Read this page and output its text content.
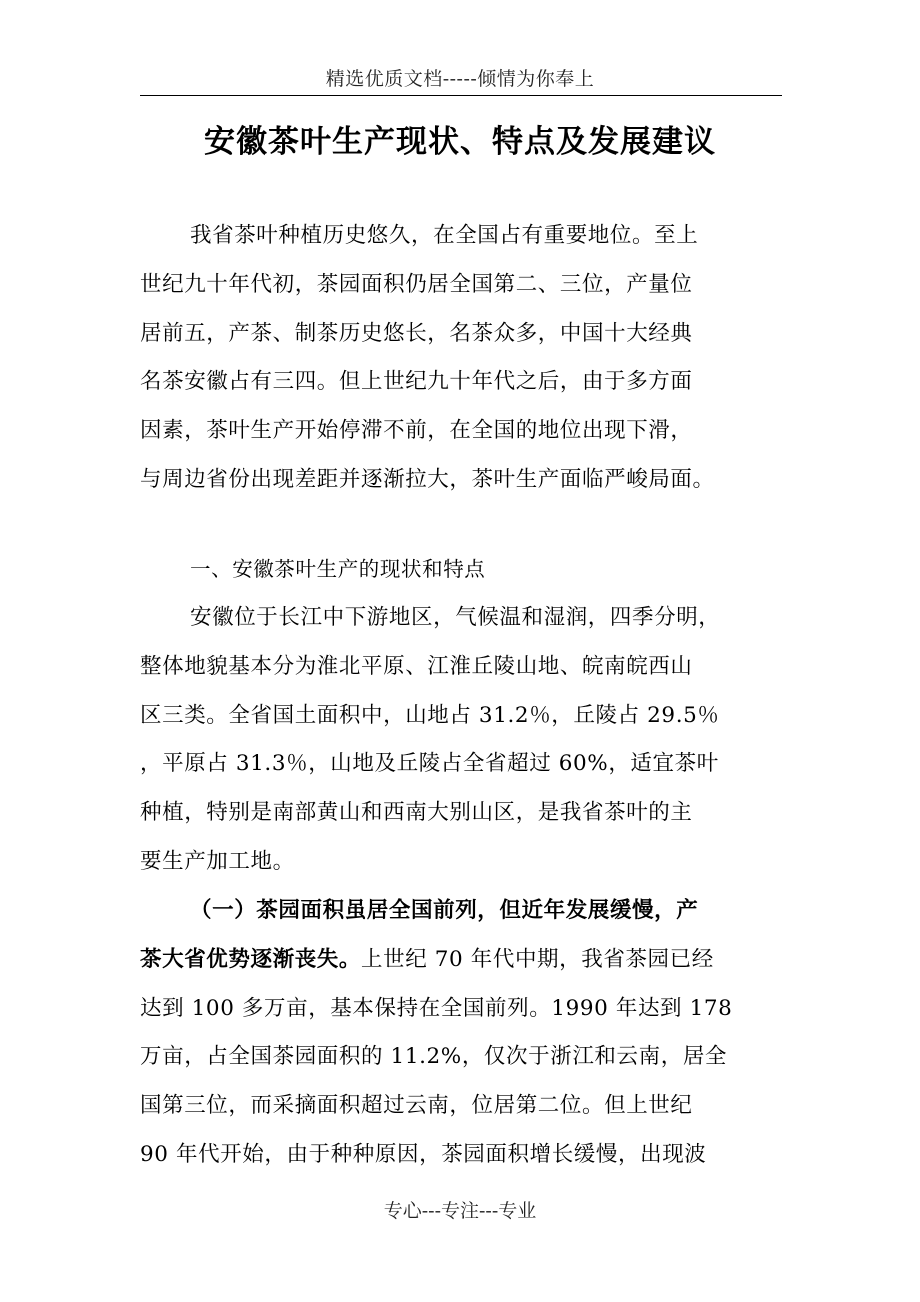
精选优质文档-----倾情为你奉上
安徽茶叶生产现状、特点及发展建议
我省茶叶种植历史悠久，在全国占有重要地位。至上
世纪九十年代初，茶园面积仍居全国第二、三位，产量位
居前五，产茶、制茶历史悠长，名茶众多，中国十大经典
名茶安徽占有三四。但上世纪九十年代之后，由于多方面
因素，茶叶生产开始停滞不前，在全国的地位出现下滑，
与周边省份出现差距并逐渐拉大，茶叶生产面临严峻局面。
一、安徽茶叶生产的现状和特点
安徽位于长江中下游地区，气候温和湿润，四季分明，
整体地貌基本分为淮北平原、江淮丘陵山地、皖南皖西山
区三类。全省国土面积中，山地占 31.2％，丘陵占 29.5％
，平原占 31.3％，山地及丘陵占全省超过 60%，适宜茶叶
种植，特别是南部黄山和西南大别山区，是我省茶叶的主
要生产加工地。
（一）茶园面积虽居全国前列，但近年发展缓慢，产
茶大省优势逐渐丧失。上世纪 70 年代中期，我省茶园已经
达到 100 多万亩，基本保持在全国前列。1990 年达到 178
万亩，占全国茶园面积的 11.2%，仅次于浙江和云南，居全
国第三位，而采摘面积超过云南，位居第二位。但上世纪
90 年代开始，由于种种原因，茶园面积增长缓慢，出现波
专心---专注---专业
